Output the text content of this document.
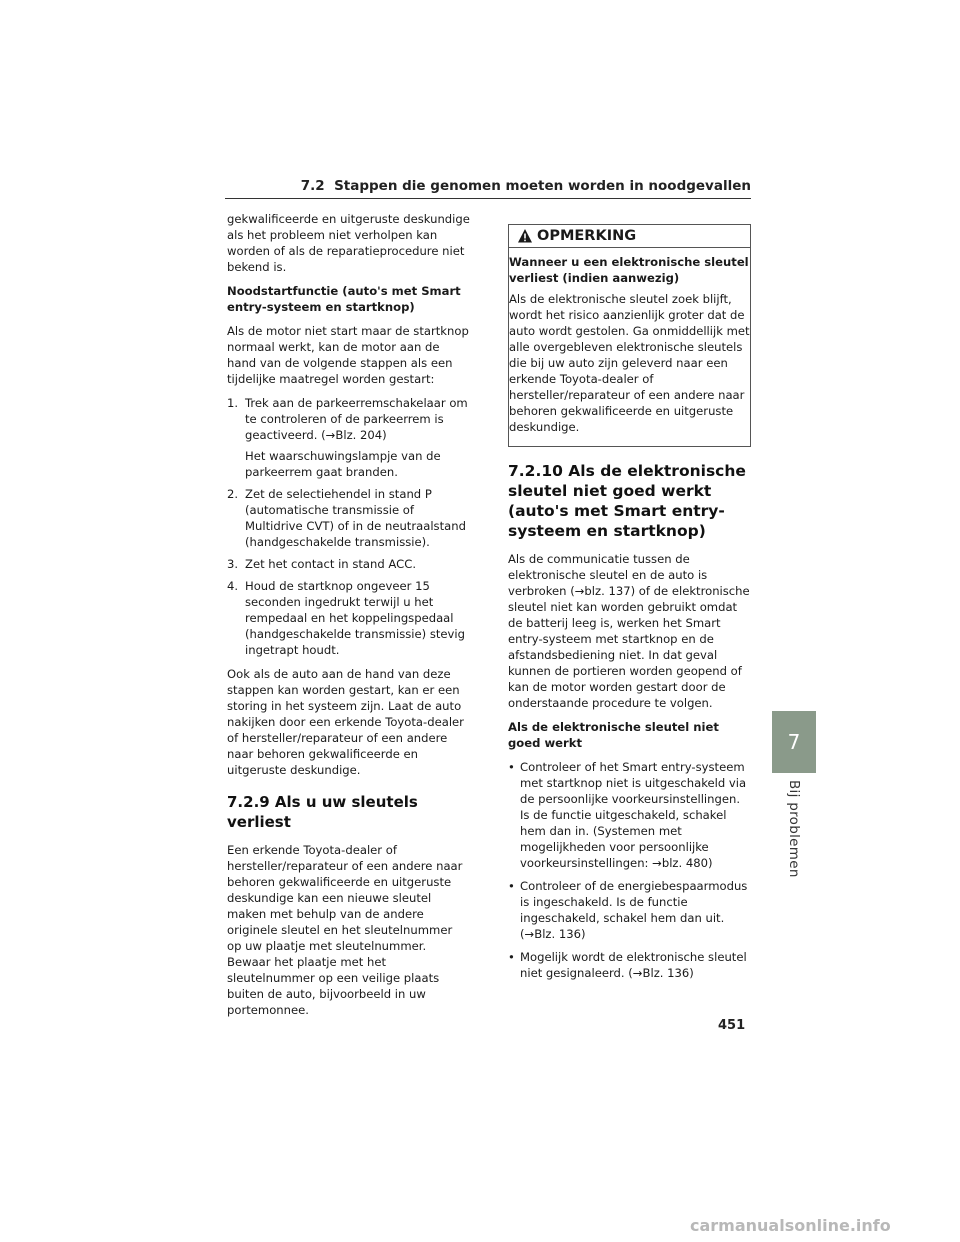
7.2 Stappen die genomen moeten worden in noodgevallen

gekwalificeerde en uitgeruste deskundige als het probleem niet verholpen kan worden of als de reparatieprocedure niet bekend is.

Noodstartfunctie (auto's met Smart entry-systeem en startknop)

Als de motor niet start maar de startknop normaal werkt, kan de motor aan de hand van de volgende stappen als een tijdelijke maatregel worden gestart:

1. Trek aan de parkeerremschakelaar om te controleren of de parkeerrem is geactiveerd. (→Blz. 204)
Het waarschuwingslampje van de parkeerrem gaat branden.
2. Zet de selectiehendel in stand P (automatische transmissie of Multidrive CVT) of in de neutraalstand (handgeschakelde transmissie).
3. Zet het contact in stand ACC.
4. Houd de startknop ongeveer 15 seconden ingedrukt terwijl u het rempedaal en het koppelingspedaal (handgeschakelde transmissie) stevig ingetrapt houdt.

Ook als de auto aan de hand van deze stappen kan worden gestart, kan er een storing in het systeem zijn. Laat de auto nakijken door een erkende Toyota-dealer of hersteller/reparateur of een andere naar behoren gekwalificeerde en uitgeruste deskundige.

7.2.9 Als u uw sleutels verliest

Een erkende Toyota-dealer of hersteller/reparateur of een andere naar behoren gekwalificeerde en uitgeruste deskundige kan een nieuwe sleutel maken met behulp van de andere originele sleutel en het sleutelnummer op uw plaatje met sleutelnummer. Bewaar het plaatje met het sleutelnummer op een veilige plaats buiten de auto, bijvoorbeeld in uw portemonnee.

OPMERKING

Wanneer u een elektronische sleutel verliest (indien aanwezig)

Als de elektronische sleutel zoek blijft, wordt het risico aanzienlijk groter dat de auto wordt gestolen. Ga onmiddellijk met alle overgebleven elektronische sleutels die bij uw auto zijn geleverd naar een erkende Toyota-dealer of hersteller/reparateur of een andere naar behoren gekwalificeerde en uitgeruste deskundige.

7.2.10 Als de elektronische sleutel niet goed werkt (auto's met Smart entry-systeem en startknop)

Als de communicatie tussen de elektronische sleutel en de auto is verbroken (→blz. 137) of de elektronische sleutel niet kan worden gebruikt omdat de batterij leeg is, werken het Smart entry-systeem met startknop en de afstandsbediening niet. In dat geval kunnen de portieren worden geopend of kan de motor worden gestart door de onderstaande procedure te volgen.

Als de elektronische sleutel niet goed werkt

• Controleer of het Smart entry-systeem met startknop niet is uitgeschakeld via de persoonlijke voorkeursinstellingen. Is de functie uitgeschakeld, schakel hem dan in. (Systemen met mogelijkheden voor persoonlijke voorkeursinstellingen: →blz. 480)
• Controleer of de energiebespaarmodus is ingeschakeld. Is de functie ingeschakeld, schakel hem dan uit. (→Blz. 136)
• Mogelijk wordt de elektronische sleutel niet gesignaleerd. (→Blz. 136)
7
Bij problemen
451
carmanualsonline.info
